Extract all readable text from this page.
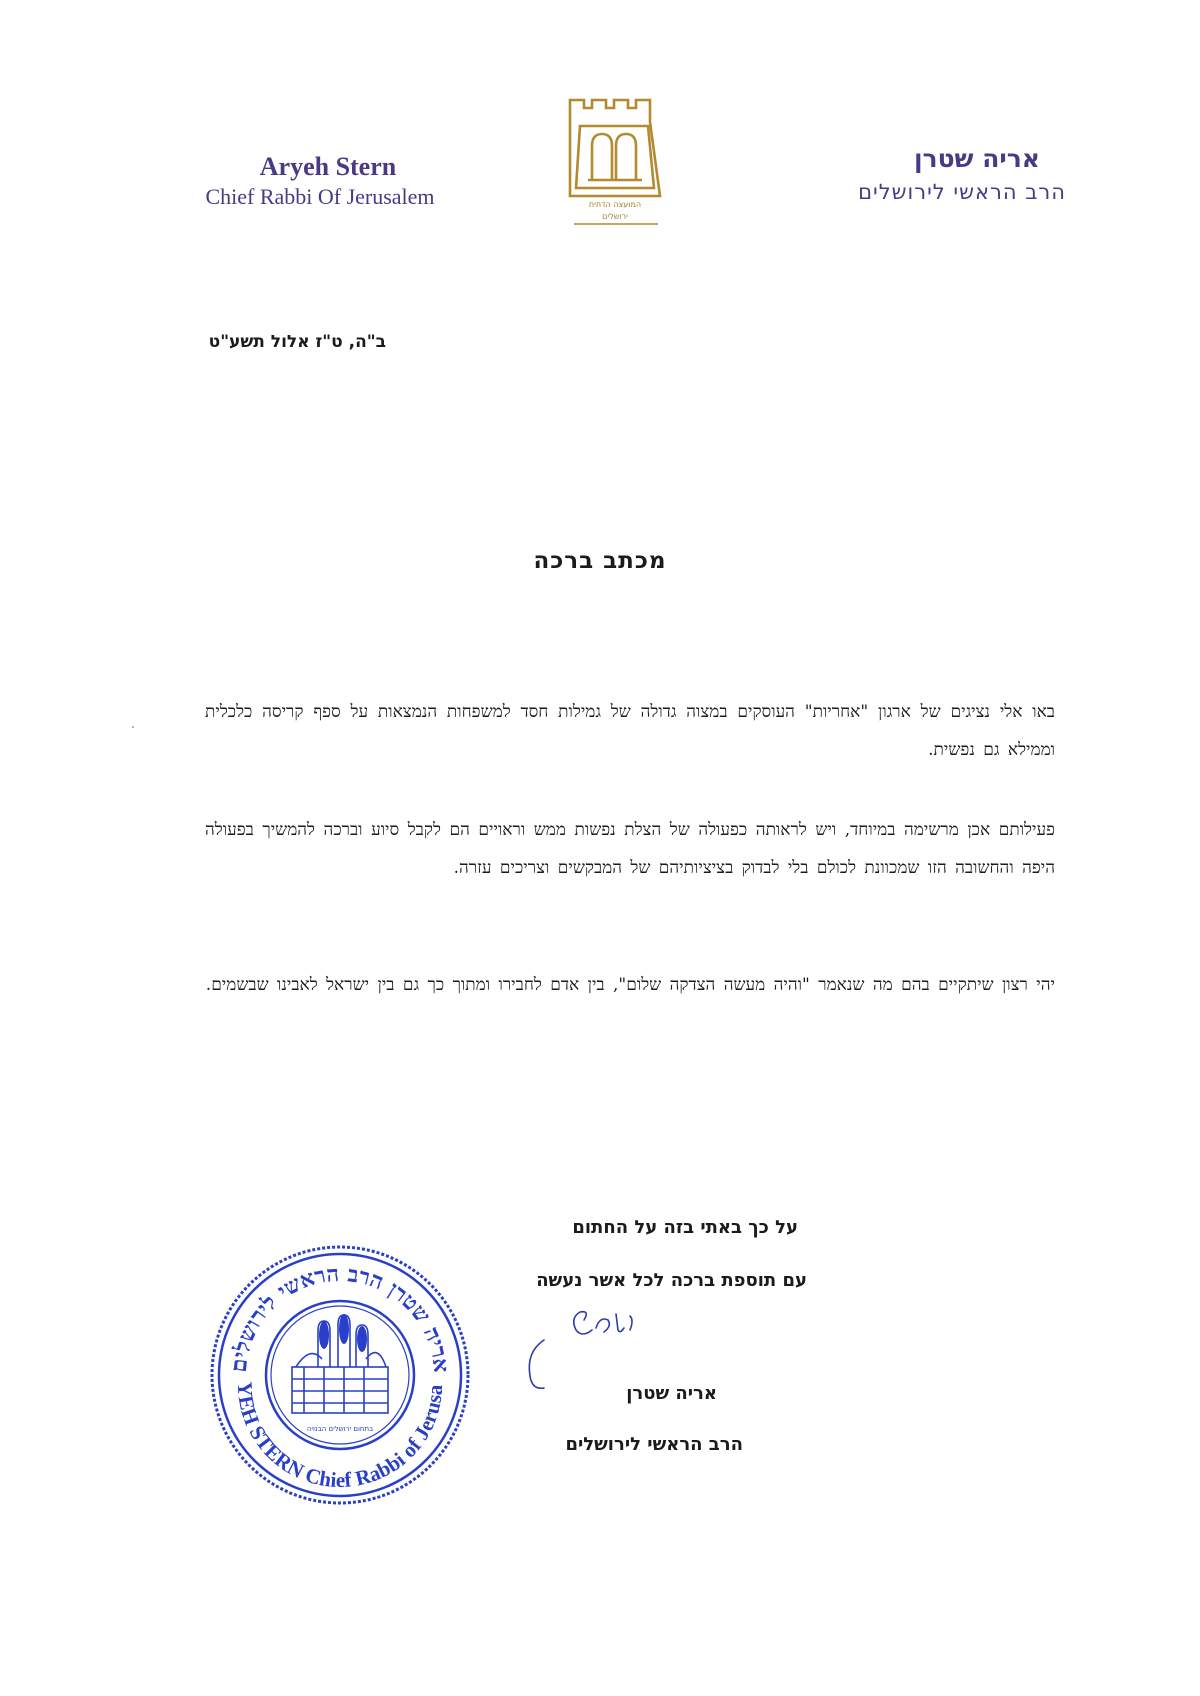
Aryeh Stern
Chief Rabbi Of Jerusalem	המועצה הדתית
ירושלים
אריה שטרן
הרב הראשי לירושלים
ב"ה, ט"ז אלול תשע"ט
מכתב ברכה
באו אלי נציגים של ארגון "אחריות" העוסקים במצוה גדולה של גמילות חסד למשפחות הנמצאות על ספף קריסה כלכלית וממילא גם נפשית.
פעילותם אכן מרשימה במיוחד, ויש לראותה כפעולה של הצלת נפשות ממש וראויים הם לקבל סיוע וברכה להמשיך בפעולה היפה והחשובה הזו שמכוונת לכולם בלי לבדוק בציציותיהם של המבקשים וצריכים עזרה.
יהי רצון שיתקיים בהם מה שנאמר "והיה מעשה הצדקה שלום", בין אדם לחבירו ומתוך כך גם בין ישראל לאבינו שבשמים.
אריה שטרן הרב הראשי לירושלים
YEH STERN Chief Rabbi of Jerusa
בתחום ירושלים הבנויה
על כך באתי בזה על החתום
עם תוספת ברכה לכל אשר נעשה
אריה שטרן
הרב הראשי לירושלים
